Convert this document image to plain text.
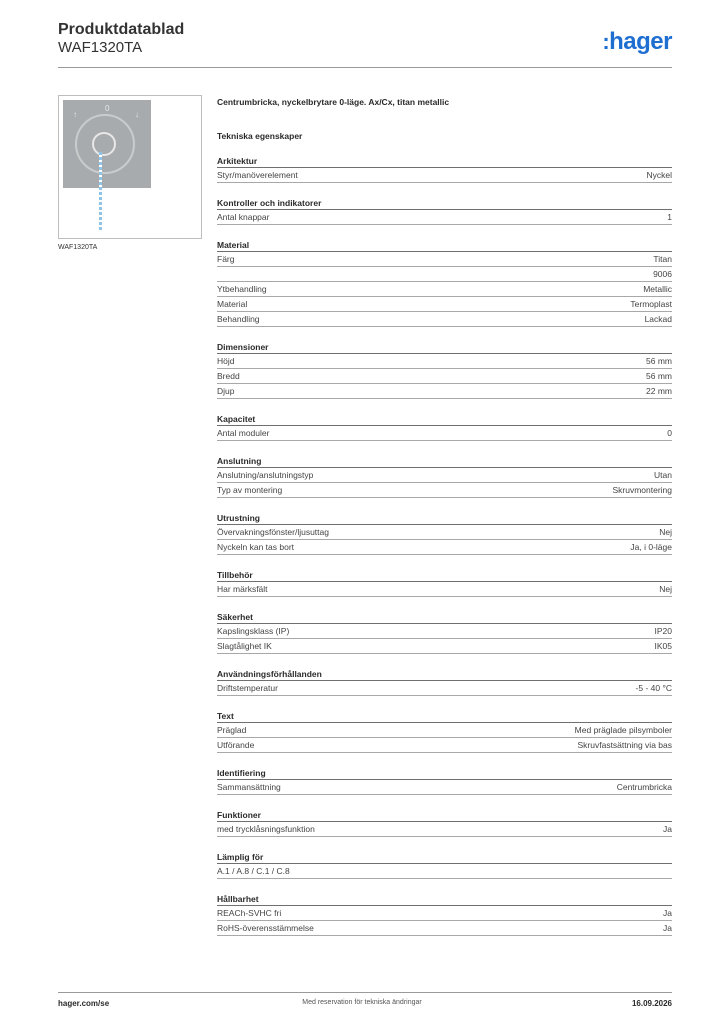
Produktdatablad
WAF1320TA	:hager
↑
0
↓
WAF1320TA
Centrumbricka, nyckelbrytare 0-läge. Ax/Cx, titan metallic
Tekniska egenskaper
Arkitektur
Styr/manöverelement	Nyckel
Kontroller och indikatorer
Antal knappar	1
Material
Färg	Titan
9006
Ytbehandling	Metallic
Material	Termoplast
Behandling	Lackad
Dimensioner
Höjd	56 mm
Bredd	56 mm
Djup	22 mm
Kapacitet
Antal moduler	0
Anslutning
Anslutning/anslutningstyp	Utan
Typ av montering	Skruvmontering
Utrustning
Övervakningsfönster/ljusuttag	Nej
Nyckeln kan tas bort	Ja, i 0-läge
Tillbehör
Har märksfält	Nej
Säkerhet
Kapslingsklass (IP)	IP20
Slagtålighet IK	IK05
Användningsförhållanden
Driftstemperatur	-5 - 40 °C
Text
Präglad	Med präglade pilsymboler
Utförande	Skruvfastsättning via bas
Identifiering
Sammansättning	Centrumbricka
Funktioner
med trycklåsningsfunktion	Ja
Lämplig för
A.1 / A.8 / C.1 / C.8
Hållbarhet
REACh-SVHC fri	Ja
RoHS-överensstämmelse	Ja
hager.com/se	Med reservation för tekniska ändringar	16.09.2026
